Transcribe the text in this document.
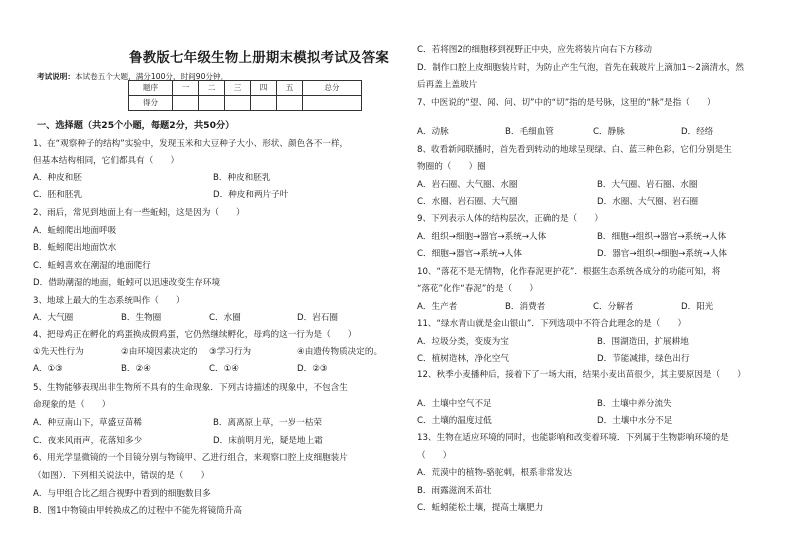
鲁教版七年级生物上册期末模拟考试及答案
考试说明：本试卷五个大题，满分100分，时间90分钟．
题序	一	二	三	四	五	总分
得分						
一、选择题（共25个小题，每题2分，共50分）
1、在“观察种子的结构”实验中，发现玉米和大豆种子大小、形状、颜色各不一样，
但基本结构相同，它们都具有（　　）
A．种皮和胚	B．种皮和胚乳
C．胚和胚乳	D．种皮和两片子叶
2、雨后，常见到地面上有一些蚯蚓，这是因为（　　）
A．蚯蚓爬出地面呼吸
B．蚯蚓爬出地面饮水
C．蚯蚓喜欢在潮湿的地面爬行
D．借助潮湿的地面，蚯蚓可以迅速改变生存环境
3、地球上最大的生态系统叫作（　　）
A．大气圈	B．生物圈	C．水圈	D．岩石圈
4、把母鸡正在孵化的鸡蛋换成假鸡蛋，它仍然继续孵化，母鸡的这一行为是（　　）
①先天性行为	②由环境因素决定的	③学习行为	④由遗传物质决定的。
A．①③	B．②④	C．①④	D．②③
5、生物能够表现出非生物所不具有的生命现象．下列古诗描述的现象中，不包含生
命现象的是（　　）
A．种豆南山下，草盛豆苗稀	B．离离原上草，一岁一枯荣
C．夜来风雨声，花落知多少	D．床前明月光，疑是地上霜
6、用光学显微镜的一个目镜分别与物镜甲、乙进行组合，来观察口腔上皮细胞装片
（如图）．下列相关说法中，错误的是（　　）
A．与甲组合比乙组合视野中看到的细胞数目多
B．图1中物镜由甲转换成乙的过程中不能先将镜筒升高
C．若将图2的细胞移到视野正中央，应先将装片向右下方移动
D．制作口腔上皮细胞装片时，为防止产生气泡，首先在载玻片上滴加1～2滴清水，然
后再盖上盖玻片
7、中医说的“望、闻、问、切”中的“切”指的是号脉，这里的“脉”是指（　　）
A．动脉	B．毛细血管	C．静脉	D．经络
8、收看新闻联播时，首先看到转动的地球呈现绿、白、蓝三种色彩，它们分别是生
物圈的（　　）圈
A．岩石圈、大气圈、水圈	B．大气圈、岩石圈、水圈
C．水圈、岩石圈、大气圈	D．水圈、大气圈、岩石圈
9、下列表示人体的结构层次，正确的是（　　）
A．组织→细胞→器官→系统→人体	B．细胞→组织→器官→系统→人体
C．细胞→器官→系统→人体	D．器官→组织→细胞→系统→人体
10、“落花不是无情物，化作春泥更护花”．根据生态系统各成分的功能可知，将
“落花”化作“春泥”的是（　　）
A．生产者	B．消费者	C．分解者	D．阳光
11、“绿水青山就是金山银山”．下列选项中不符合此理念的是（　　）
A．垃圾分类，变废为宝	B．围湖造田，扩展耕地
C．植树造林，净化空气	D．节能减排，绿色出行
12、秋季小麦播种后，接着下了一场大雨，结果小麦出苗很少，其主要原因是（　　）
A．土壤中空气不足	B．土壤中养分流失
C．土壤的温度过低	D．土壤中水分不足
13、生物在适应环境的同时，也能影响和改变着环境．下列属于生物影响环境的是
（　　）
A．荒漠中的植物-骆驼刺，根系非常发达
B．雨露滋润禾苗壮
C．蚯蚓能松土壤，提高土壤肥力
